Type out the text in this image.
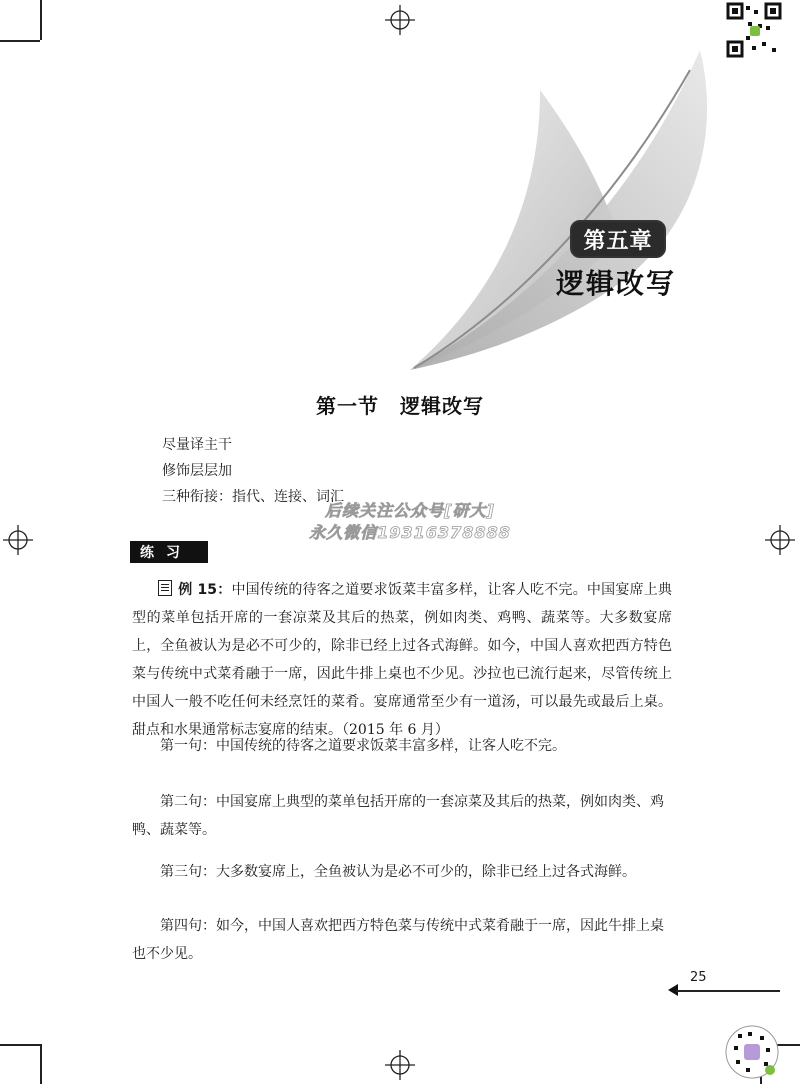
第五章
逻辑改写
第一节　逻辑改写
尽量译主干
修饰层层加
三种衔接：指代、连接、词汇
后续关注公众号[研大]
永久微信19316378888
练习
例 15：中国传统的待客之道要求饭菜丰富多样，让客人吃不完。中国宴席上典型的菜单包括开席的一套凉菜及其后的热菜，例如肉类、鸡鸭、蔬菜等。大多数宴席上，全鱼被认为是必不可少的，除非已经上过各式海鲜。如今，中国人喜欢把西方特色菜与传统中式菜肴融于一席，因此牛排上桌也不少见。沙拉也已流行起来，尽管传统上中国人一般不吃任何未经烹饪的菜肴。宴席通常至少有一道汤，可以最先或最后上桌。甜点和水果通常标志宴席的结束。（2015 年 6 月）
第一句：中国传统的待客之道要求饭菜丰富多样，让客人吃不完。
第二句：中国宴席上典型的菜单包括开席的一套凉菜及其后的热菜，例如肉类、鸡鸭、蔬菜等。
第三句：大多数宴席上，全鱼被认为是必不可少的，除非已经上过各式海鲜。
第四句：如今，中国人喜欢把西方特色菜与传统中式菜肴融于一席，因此牛排上桌也不少见。
25
